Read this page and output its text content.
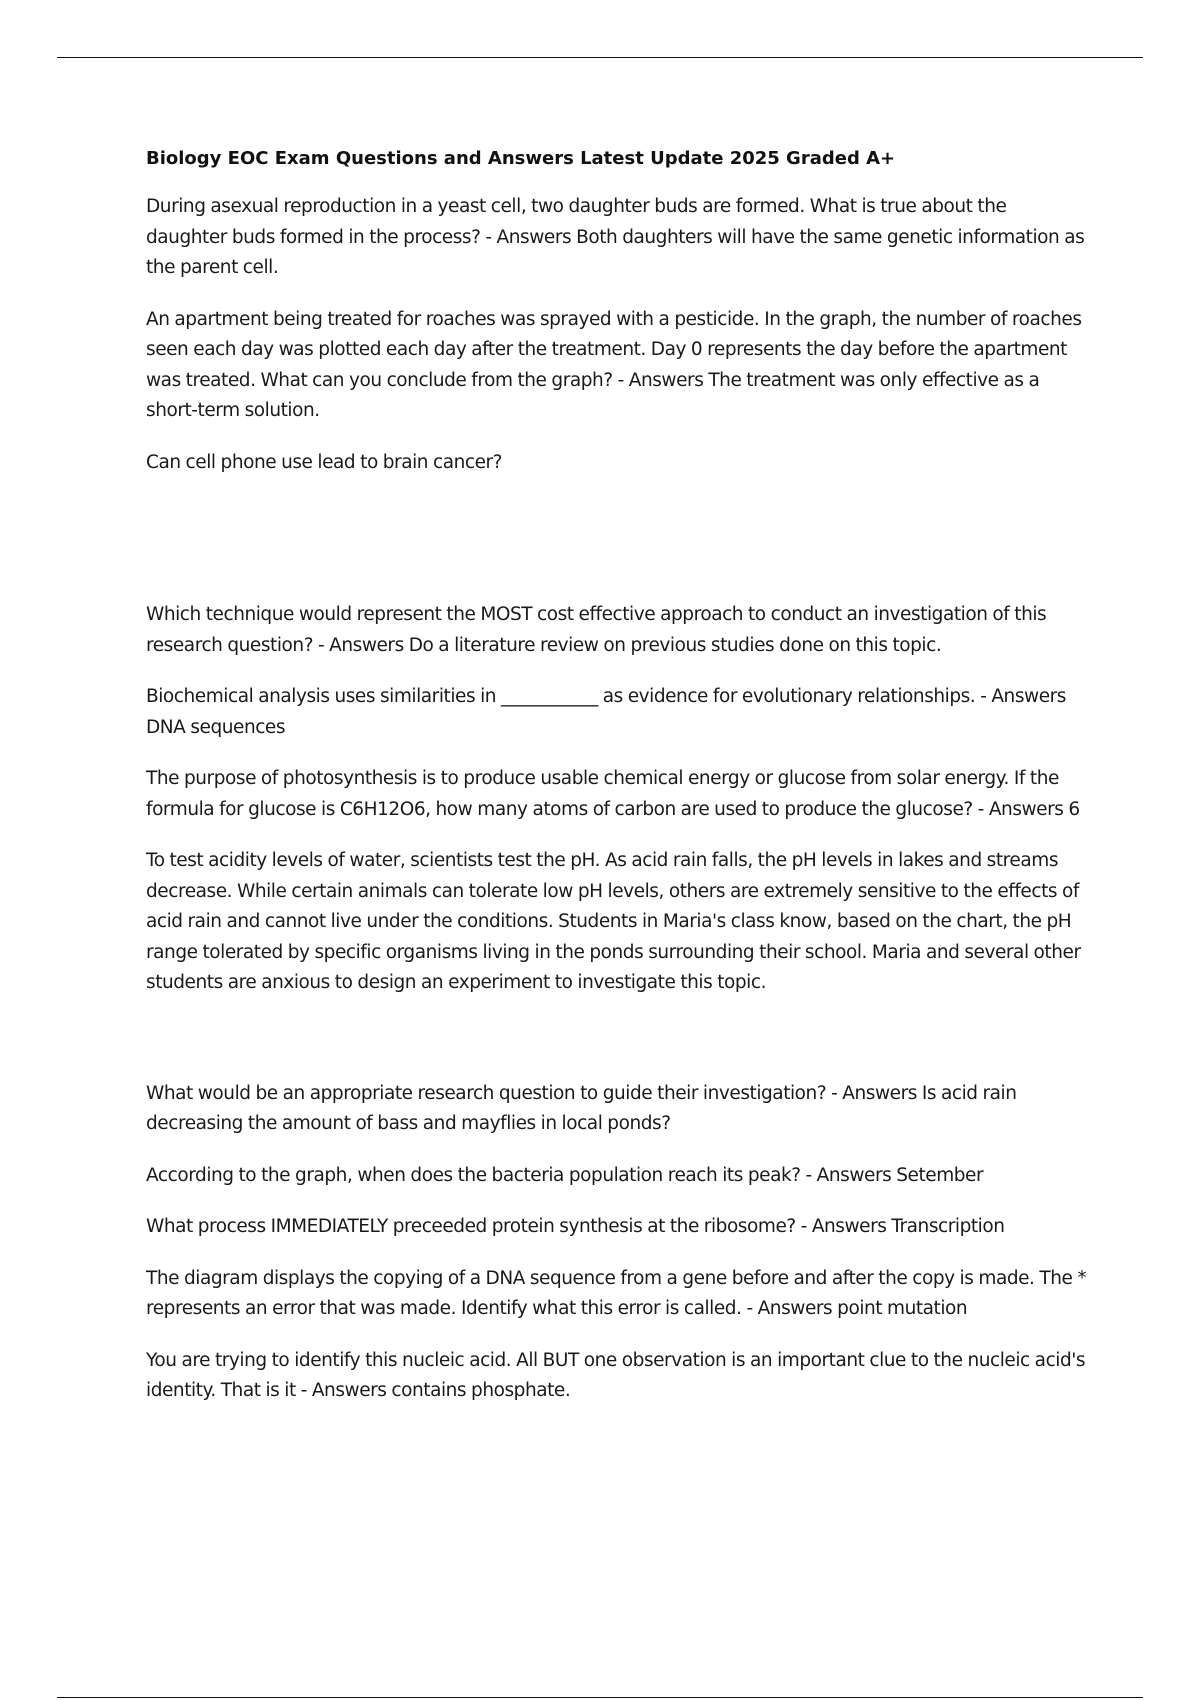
Biology EOC Exam Questions and Answers Latest Update 2025 Graded A+

During asexual reproduction in a yeast cell, two daughter buds are formed. What is true about the daughter buds formed in the process? - Answers Both daughters will have the same genetic information as the parent cell.

An apartment being treated for roaches was sprayed with a pesticide. In the graph, the number of roaches seen each day was plotted each day after the treatment. Day 0 represents the day before the apartment was treated. What can you conclude from the graph? - Answers The treatment was only effective as a short-term solution.

Can cell phone use lead to brain cancer?

Which technique would represent the MOST cost effective approach to conduct an investigation of this research question? - Answers Do a literature review on previous studies done on this topic.

Biochemical analysis uses similarities in ___________ as evidence for evolutionary relationships. - Answers DNA sequences

The purpose of photosynthesis is to produce usable chemical energy or glucose from solar energy. If the formula for glucose is C6H12O6, how many atoms of carbon are used to produce the glucose? - Answers 6

To test acidity levels of water, scientists test the pH. As acid rain falls, the pH levels in lakes and streams decrease. While certain animals can tolerate low pH levels, others are extremely sensitive to the effects of acid rain and cannot live under the conditions. Students in Maria's class know, based on the chart, the pH range tolerated by specific organisms living in the ponds surrounding their school. Maria and several other students are anxious to design an experiment to investigate this topic.

What would be an appropriate research question to guide their investigation? - Answers Is acid rain decreasing the amount of bass and mayflies in local ponds?

According to the graph, when does the bacteria population reach its peak? - Answers Setember

What process IMMEDIATELY preceeded protein synthesis at the ribosome? - Answers Transcription

The diagram displays the copying of a DNA sequence from a gene before and after the copy is made. The * represents an error that was made. Identify what this error is called. - Answers point mutation

You are trying to identify this nucleic acid. All BUT one observation is an important clue to the nucleic acid's identity. That is it - Answers contains phosphate.
